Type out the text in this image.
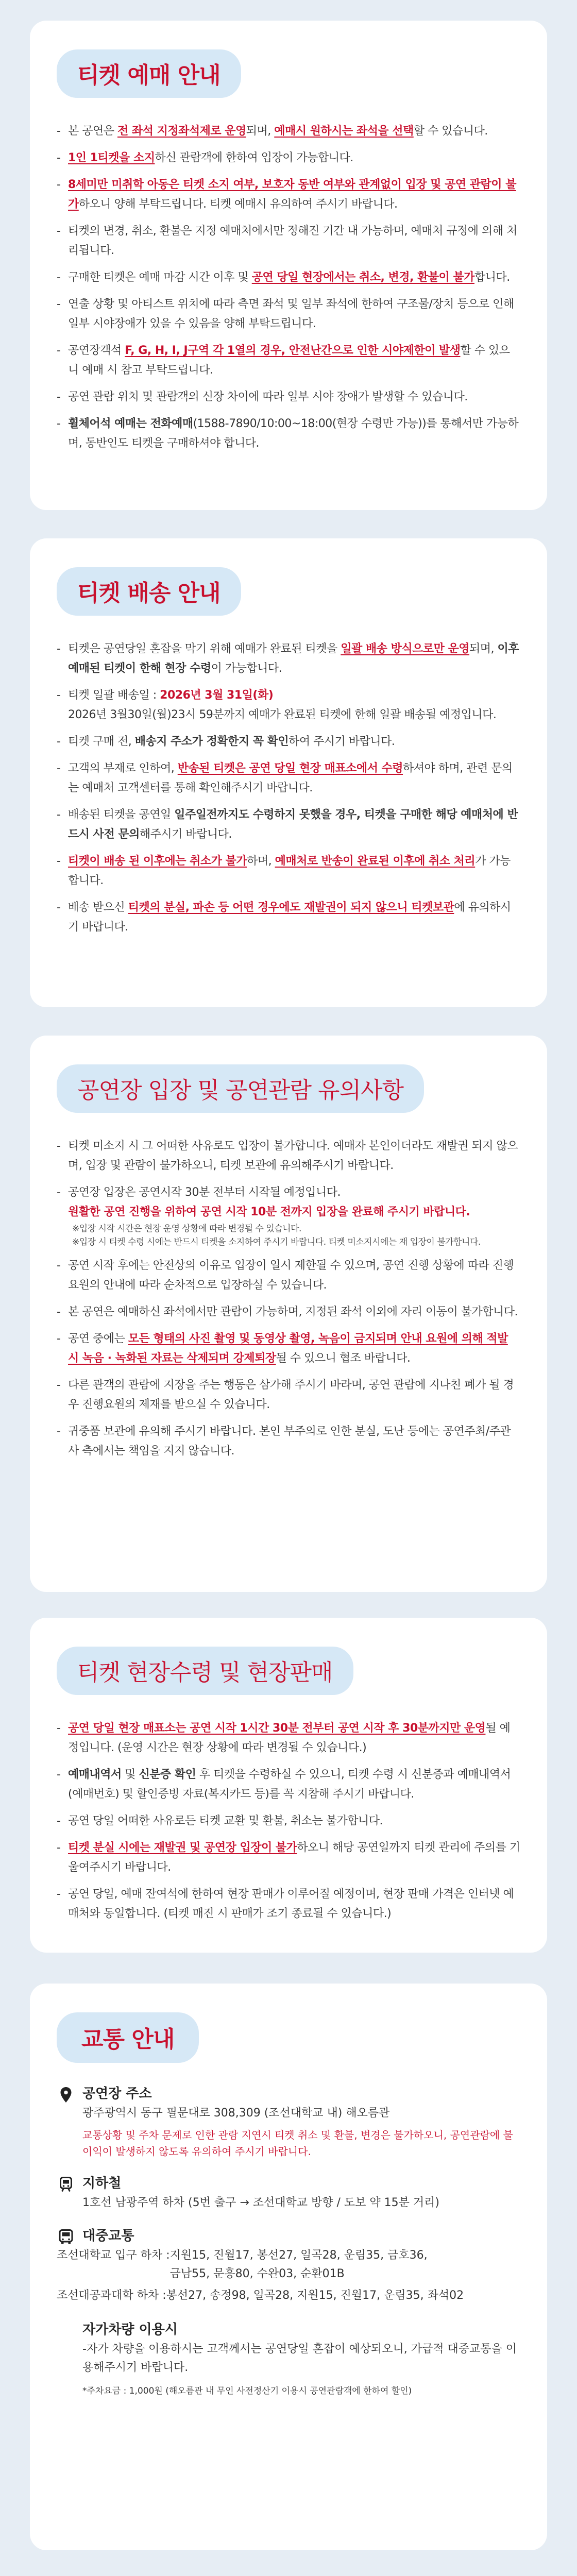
티켓 예매 안내
- 본 공연은 전 좌석 지정좌석제로 운영되며, 예매시 원하시는 좌석을 선택할 수 있습니다.
- 1인 1티켓을 소지하신 관람객에 한하여 입장이 가능합니다.
- 8세미만 미취학 아동은 티켓 소지 여부, 보호자 동반 여부와 관계없이 입장 및 공연 관람이 불가하오니 양해 부탁드립니다. 티켓 예매시 유의하여 주시기 바랍니다.
- 티켓의 변경, 취소, 환불은 지정 예매처에서만 정해진 기간 내 가능하며, 예매처 규정에 의해 처리됩니다.
- 구매한 티켓은 예매 마감 시간 이후 및 공연 당일 현장에서는 취소, 변경, 환불이 불가합니다.
- 연출 상황 및 아티스트 위치에 따라 측면 좌석 및 일부 좌석에 한하여 구조물/장치 등으로 인해 일부 시야장애가 있을 수 있음을 양해 부탁드립니다.
- 공연장객석 F, G, H, I, J구역 각 1열의 경우, 안전난간으로 인한 시야제한이 발생할 수 있으니 예매 시 참고 부탁드립니다.
- 공연 관람 위치 및 관람객의 신장 차이에 따라 일부 시야 장애가 발생할 수 있습니다.
- 휠체어석 예매는 전화예매(1588-7890/10:00~18:00(현장 수령만 가능))를 통해서만 가능하며, 동반인도 티켓을 구매하셔야 합니다.
티켓 배송 안내
- 티켓은 공연당일 혼잡을 막기 위해 예매가 완료된 티켓을 일괄 배송 방식으로만 운영되며, 이후 예매된 티켓이 한해 현장 수령이 가능합니다.
- 티켓 일괄 배송일 : 2026년 3월 31일(화)
2026년 3월30일(월)23시 59분까지 예매가 완료된 티켓에 한해 일괄 배송될 예정입니다.
- 티켓 구매 전, 배송지 주소가 정확한지 꼭 확인하여 주시기 바랍니다.
- 고객의 부재로 인하여, 반송된 티켓은 공연 당일 현장 매표소에서 수령하셔야 하며, 관련 문의는 예매처 고객센터를 통해 확인해주시기 바랍니다.
- 배송된 티켓을 공연일 일주일전까지도 수령하지 못했을 경우, 티켓을 구매한 해당 예매처에 반드시 사전 문의해주시기 바랍니다.
- 티켓이 배송 된 이후에는 취소가 불가하며, 예매처로 반송이 완료된 이후에 취소 처리가 가능합니다.
- 배송 받으신 티켓의 분실, 파손 등 어떤 경우에도 재발권이 되지 않으니 티켓보관에 유의하시기 바랍니다.
공연장 입장 및 공연관람 유의사항
- 티켓 미소지 시 그 어떠한 사유로도 입장이 불가합니다. 예매자 본인이더라도 재발권 되지 않으며, 입장 및 관람이 불가하오니, 티켓 보관에 유의해주시기 바랍니다.
- 공연장 입장은 공연시작 30분 전부터 시작될 예정입니다.
원활한 공연 진행을 위하여 공연 시작 10분 전까지 입장을 완료해 주시기 바랍니다.
※입장 시작 시간은 현장 운영 상황에 따라 변경될 수 있습니다.
※입장 시 티켓 수령 시에는 반드시 티켓을 소지하여 주시기 바랍니다. 티켓 미소지시에는 재 입장이 불가합니다.
- 공연 시작 후에는 안전상의 이유로 입장이 일시 제한될 수 있으며, 공연 진행 상황에 따라 진행요원의 안내에 따라 순차적으로 입장하실 수 있습니다.
- 본 공연은 예매하신 좌석에서만 관람이 가능하며, 지정된 좌석 이외에 자리 이동이 불가합니다.
- 공연 중에는 모든 형태의 사진 촬영 및 동영상 촬영, 녹음이 금지되며 안내 요원에 의해 적발 시 녹음 · 녹화된 자료는 삭제되며 강제퇴장될 수 있으니 협조 바랍니다.
- 다른 관객의 관람에 지장을 주는 행동은 삼가해 주시기 바라며, 공연 관람에 지나친 폐가 될 경우 진행요원의 제재를 받으실 수 있습니다.
- 귀중품 보관에 유의해 주시기 바랍니다. 본인 부주의로 인한 분실, 도난 등에는 공연주최/주관사 측에서는 책임을 지지 않습니다.
티켓 현장수령 및 현장판매
- 공연 당일 현장 매표소는 공연 시작 1시간 30분 전부터 공연 시작 후 30분까지만 운영될 예정입니다. (운영 시간은 현장 상황에 따라 변경될 수 있습니다.)
- 예매내역서 및 신분증 확인 후 티켓을 수령하실 수 있으니, 티켓 수령 시 신분증과 예매내역서(예매번호) 및 할인증빙 자료(복지카드 등)를 꼭 지참해 주시기 바랍니다.
- 공연 당일 어떠한 사유로든 티켓 교환 및 환불, 취소는 불가합니다.
- 티켓 분실 시에는 재발권 및 공연장 입장이 불가하오니 해당 공연일까지 티켓 관리에 주의를 기울여주시기 바랍니다.
- 공연 당일, 예매 잔여석에 한하여 현장 판매가 이루어질 예정이며, 현장 판매 가격은 인터넷 예매처와 동일합니다. (티켓 매진 시 판매가 조기 종료될 수 있습니다.)
교통 안내
공연장 주소

광주광역시 동구 필문대로 308,309 (조선대학교 내) 해오름관

교통상황 및 주차 문제로 인한 관람 지연시 티켓 취소 및 환불, 변경은 불가하오니, 공연관람에 불이익이 발생하지 않도록 유의하여 주시기 바랍니다.

지하철

1호선 남광주역 하차 (5번 출구 → 조선대학교 방향 / 도보 약 15분 거리)

대중교통
조선대학교 입구 하차 : 지원15, 진월17, 봉선27, 일곡28, 운림35, 금호36,
금남55, 문흥80, 수완03, 순환01B
조선대공과대학 하차 : 봉선27, 송정98, 일곡28, 지원15, 진월17, 운림35, 좌석02
자가차량 이용시

-자가 차량을 이용하시는 고객께서는 공연당일 혼잡이 예상되오니, 가급적 대중교통을 이용해주시기 바랍니다.

*주차요금 : 1,000원 (해오름관 내 무인 사전정산기 이용시 공연관람객에 한하여 할인)
